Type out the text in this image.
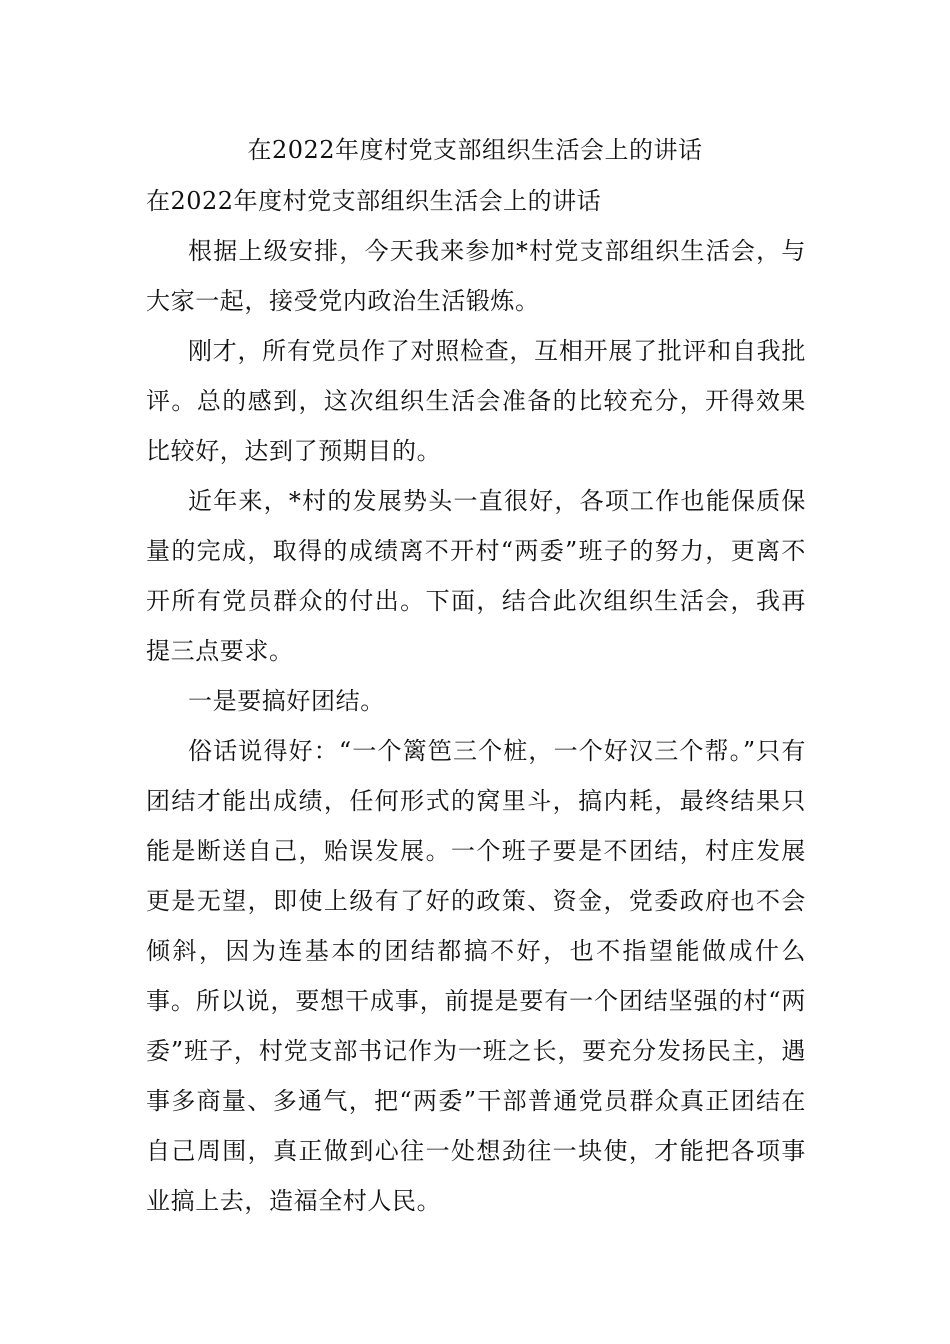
在2022年度村党支部组织生活会上的讲话

在2022年度村党支部组织生活会上的讲话

根据上级安排，今天我来参加*村党支部组织生活会，与大家一起，接受党内政治生活锻炼。

刚才，所有党员作了对照检查，互相开展了批评和自我批评。总的感到，这次组织生活会准备的比较充分，开得效果比较好，达到了预期目的。

近年来，*村的发展势头一直很好，各项工作也能保质保量的完成，取得的成绩离不开村“两委”班子的努力，更离不开所有党员群众的付出。下面，结合此次组织生活会，我再提三点要求。

一是要搞好团结。

俗话说得好：“一个篱笆三个桩，一个好汉三个帮。”只有团结才能出成绩，任何形式的窝里斗，搞内耗，最终结果只能是断送自己，贻误发展。一个班子要是不团结，村庄发展更是无望，即使上级有了好的政策、资金，党委政府也不会倾斜，因为连基本的团结都搞不好，也不指望能做成什么事。所以说，要想干成事，前提是要有一个团结坚强的村“两委”班子，村党支部书记作为一班之长，要充分发扬民主，遇事多商量、多通气，把“两委”干部普通党员群众真正团结在自己周围，真正做到心往一处想劲往一块使，才能把各项事业搞上去，造福全村人民。
